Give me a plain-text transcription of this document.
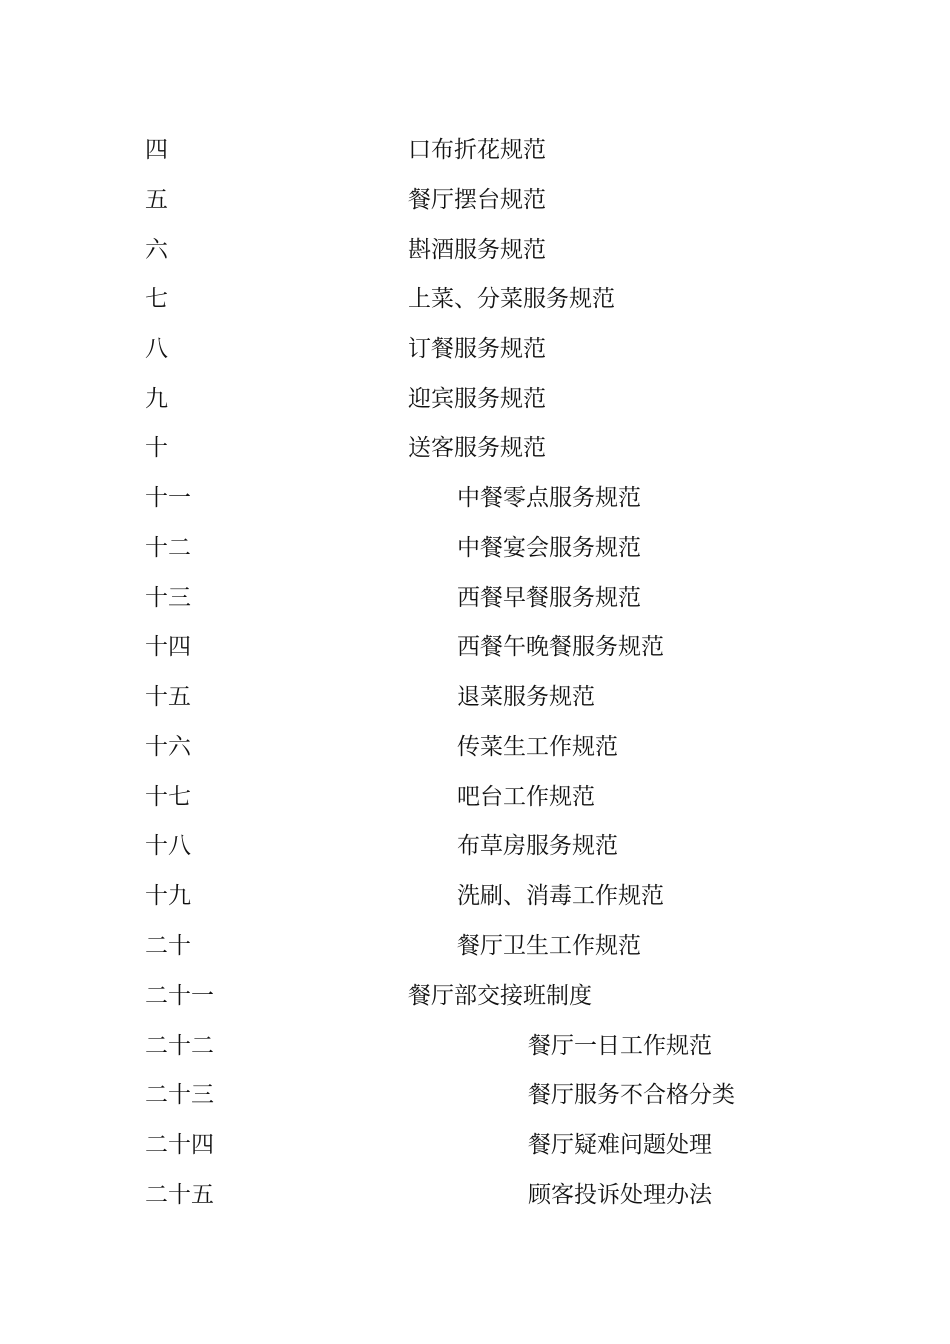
四	口布折花规范
五	餐厅摆台规范
六	斟酒服务规范
七	上菜、分菜服务规范
八	订餐服务规范
九	迎宾服务规范
十	送客服务规范
十一	中餐零点服务规范
十二	中餐宴会服务规范
十三	西餐早餐服务规范
十四	西餐午晚餐服务规范
十五	退菜服务规范
十六	传菜生工作规范
十七	吧台工作规范
十八	布草房服务规范
十九	洗刷、消毒工作规范
二十	餐厅卫生工作规范
二十一	餐厅部交接班制度
二十二	餐厅一日工作规范
二十三	餐厅服务不合格分类
二十四	餐厅疑难问题处理
二十五	顾客投诉处理办法
